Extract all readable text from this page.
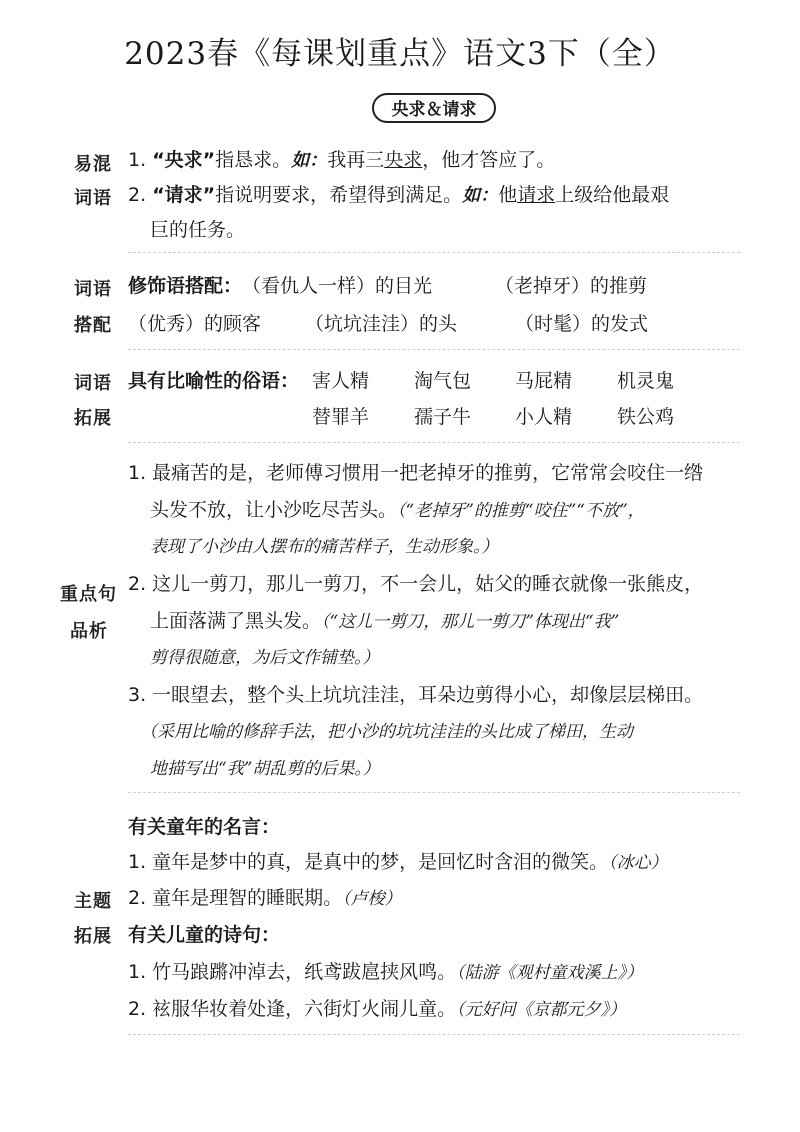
2023春《每课划重点》语文3下（全）
央求＆请求
易混
词语
1. “央求”指恳求。如：我再三央求，他才答应了。
2. “请求”指说明要求，希望得到满足。如：他请求上级给他最艰
巨的任务。
词语
搭配
修饰语搭配： （看仇人一样）的目光	（老掉牙）的推剪
（优秀）的顾客 （坑坑洼洼）的头	（时髦）的发式
词语
拓展
具有比喻性的俗语： 害人精 淘气包 马屁精 机灵鬼
替罪羊 孺子牛 小人精 铁公鸡
重点句
品析
1. 最痛苦的是，老师傅习惯用一把老掉牙的推剪，它常常会咬住一绺
头发不放，让小沙吃尽苦头。（“老掉牙”的推剪“咬住”“不放”，
表现了小沙由人摆布的痛苦样子，生动形象。）
2. 这儿一剪刀，那儿一剪刀，不一会儿，姑父的睡衣就像一张熊皮，
上面落满了黑头发。（“这儿一剪刀，那儿一剪刀”体现出“我”
剪得很随意，为后文作铺垫。）
3. 一眼望去，整个头上坑坑洼洼，耳朵边剪得小心，却像层层梯田。
（采用比喻的修辞手法，把小沙的坑坑洼洼的头比成了梯田，生动
地描写出“我”胡乱剪的后果。）
主题
拓展
有关童年的名言：
1. 童年是梦中的真，是真中的梦，是回忆时含泪的微笑。（冰心）
2. 童年是理智的睡眠期。（卢梭）
有关儿童的诗句：
1. 竹马踉蹡冲淖去，纸鸢跋扈挟风鸣。（陆游《观村童戏溪上》）
2. 袨服华妆着处逢，六街灯火闹儿童。（元好问《京都元夕》）
